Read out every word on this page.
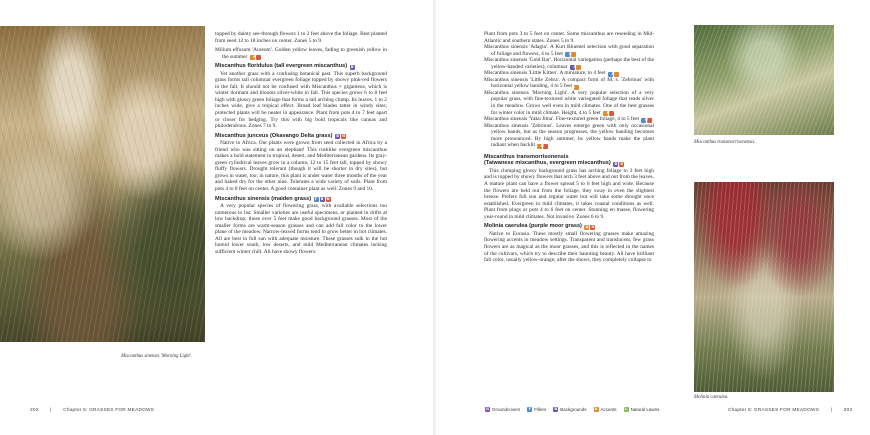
Miscanthus sinensis 'Morning Light'.

topped by dainty see-through flowers 1 to 2 feet above the foliage. Best planted from seed 12 to 18 inches on center. Zones 5 to 9.

Milium effusum 'Aureum'. Golden yellow leaves, fading to greenish yellow in the summer A N

Miscanthus floridulus (tall evergreen miscanthus) B

Yet another grass with a confusing botanical past. This superb background grass forms tall columnar evergreen foliage topped by showy pink-red flowers in the fall. It should not be confused with Miscanthus × giganteus, which is winter dormant and blooms silver-white in fall. This species grows 6 to 8 feet high with glossy green foliage that forms a tall arching clump. Its leaves, 1 to 2 inches wide, give a tropical effect. Broad leaf blades tatter in windy sites; protected plants will be neater in appearance. Plant from pots 4 to 7 feet apart or closer for hedging. Try this with big bold tropicals like cannas and philodendrons. Zones 7 to 9.

Miscanthus junceus (Okavango Delta grass) B N

Native to Africa. Our plants were grown from seed collected in Africa by a friend who was sitting on an elephant! This rushlike evergreen miscanthus makes a bold statement in tropical, desert, and Mediterranean gardens. Its gray-green cylindrical leaves grow in a column, 12 to 15 feet tall, topped by showy fluffy flowers. Drought tolerant (though it will be shorter in dry sites), but grows in water, too; in nature, this plant is under water three months of the year and baked dry for the other nine. Tolerates a wide variety of soils. Plant from pots 4 to 8 feet on center. A good container plant as well. Zones 9 and 10.

Miscanthus sinensis (maiden grass) F B N

A very popular species of flowering grass, with available selections too numerous to list. Smaller varieties are useful specimens, or planted in drifts at low backdrop; those over 5 feet make good background grasses. Most of the smaller forms are warm-season grasses and can add fall color to the lower plane of the meadow. Narrow-leaved forms tend to grow better in hot climates. All are best in full sun with adequate moisture. These grasses sulk in the hot humid lower south, low deserts, and mild Mediterranean climates lacking sufficient winter chill. All have showy flowers.

202 | Chapter 6: GRASSES FOR MEADOWS

Plant from pots 3 to 5 feet on center. Some miscanthus are reseeding in Mid-Atlantic and southern states. Zones 5 to 9.

Miscanthus sinensis 'Adagio'. A Kurt Bluemel selection with good separation of foliage and flowers, 4 to 5 feet F A

Miscanthus sinensis 'Gold Bar'. Horizontal variegation (perhaps the best of the yellow-banded varieties), columnar B A

Miscanthus sinensis 'Little Kitten'. A miniature, to 4 feet F A

Miscanthus sinensis 'Little Zebra'. A compact form of M. s. 'Zebrinus' with horizontal yellow banding, 4 to 5 feet A

Miscanthus sinensis 'Morning Light'. A very popular selection of a very popular grass, with fine-textured white variegated foliage that reads silver in the meadow. Grows well even in mild climates. One of the best grasses for winter color in mild climate. Height, 4 to 5 feet A N

Miscanthus sinensis 'Yaku Jima'. Fine-textured green foliage, 4 to 5 feet F N

Miscanthus sinensis 'Zebrinus'. Leaves emerge green with only occasional yellow bands, but as the season progresses, the yellow banding becomes more pronounced. By high summer, its yellow bands make the plant radiant when backlit A N

Miscanthus transmorrisonensis
(Taiwanese miscanthus, evergreen miscanthus) B N

This clumping glossy background grass has arching foliage to 3 feet high and is topped by showy flowers that arch 3 feet above and out from the leaves. A mature plant can have a flower spread 5 to 6 feet high and wide. Because the flowers are held out from the foliage, they sway in even the slightest breeze. Prefers full sun and regular water but will take some drought once established. Evergreen in mild climates, it takes coastal conditions as well. Plant from plugs or pots 4 to 6 feet on center. Stunning en masse, flowering year-round in mild climates. Not invasive. Zones 6 to 9.

Molinia caerulea (purple moor grass) A N

Native to Eurasia. These mostly small flowering grasses make amazing flowering accents in meadow settings. Transparent and translucent, few grass flowers are as magical as the moor grasses, and this is reflected in the names of the cultivars, which try to describe their haunting beauty. All have brilliant fall color, usually yellow-orange; after the shows, they completely collapse to

Miscanthus transmorrisonensis.
Molinia caerulea.
G Groundcovers	F Fillers	B Backgrounds	A Accents	L Natural Lawns	Chapter 6: GRASSES FOR MEADOWS | 203
